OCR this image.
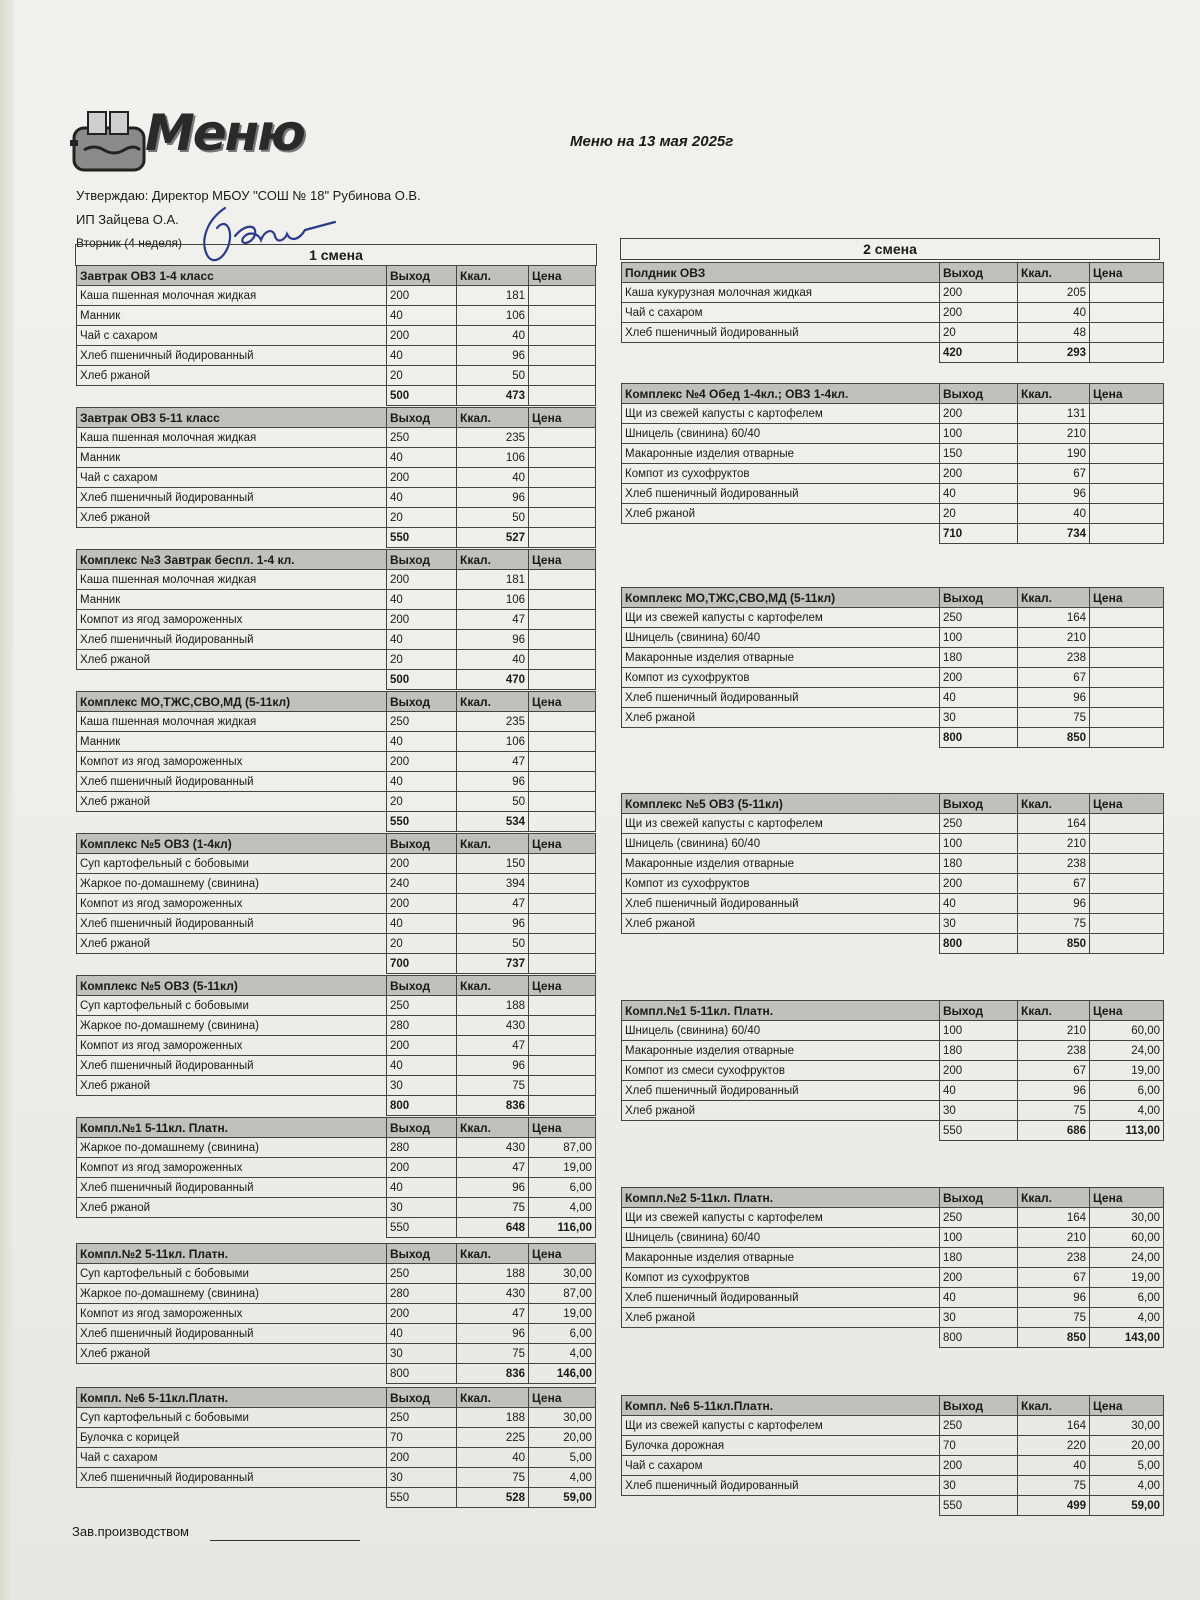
Меню	Меню на 13 мая 2025г
Утверждаю: Директор МБОУ "СОШ № 18" Рубинова О.В.
ИП Зайцева О.А.
Вторник (4 неделя)
1 смена	2 смена
Завтрак ОВЗ 1-4 класс	Выход	Ккал.	Цена
Каша пшенная молочная жидкая	200	181	
Манник	40	106	
Чай с сахаром	200	40	
Хлеб пшеничный йодированный	40	96	
Хлеб ржаной	20	50	
	500	473	
Завтрак ОВЗ 5-11 класс	Выход	Ккал.	Цена
Каша пшенная молочная жидкая	250	235	
Манник	40	106	
Чай с сахаром	200	40	
Хлеб пшеничный йодированный	40	96	
Хлеб ржаной	20	50	
	550	527	
Комплекс №3 Завтрак беспл. 1-4 кл.	Выход	Ккал.	Цена
Каша пшенная молочная жидкая	200	181	
Манник	40	106	
Компот из ягод замороженных	200	47	
Хлеб пшеничный йодированный	40	96	
Хлеб ржаной	20	40	
	500	470	
Комплекс МО,ТЖС,СВО,МД (5-11кл)	Выход	Ккал.	Цена
Каша пшенная молочная жидкая	250	235	
Манник	40	106	
Компот из ягод замороженных	200	47	
Хлеб пшеничный йодированный	40	96	
Хлеб ржаной	20	50	
	550	534	
Комплекс №5 ОВЗ (1-4кл)	Выход	Ккал.	Цена
Суп картофельный с бобовыми	200	150	
Жаркое по-домашнему (свинина)	240	394	
Компот из ягод замороженных	200	47	
Хлеб пшеничный йодированный	40	96	
Хлеб ржаной	20	50	
	700	737	
Комплекс №5 ОВЗ (5-11кл)	Выход	Ккал.	Цена
Суп картофельный с бобовыми	250	188	
Жаркое по-домашнему (свинина)	280	430	
Компот из ягод замороженных	200	47	
Хлеб пшеничный йодированный	40	96	
Хлеб ржаной	30	75	
	800	836	
Компл.№1 5-11кл. Платн.	Выход	Ккал.	Цена
Жаркое по-домашнему (свинина)	280	430	87,00
Компот из ягод замороженных	200	47	19,00
Хлеб пшеничный йодированный	40	96	6,00
Хлеб ржаной	30	75	4,00
	550	648	116,00
Компл.№2 5-11кл. Платн.	Выход	Ккал.	Цена
Суп картофельный с бобовыми	250	188	30,00
Жаркое по-домашнему (свинина)	280	430	87,00
Компот из ягод замороженных	200	47	19,00
Хлеб пшеничный йодированный	40	96	6,00
Хлеб ржаной	30	75	4,00
	800	836	146,00
Компл. №6 5-11кл.Платн.	Выход	Ккал.	Цена
Суп картофельный с бобовыми	250	188	30,00
Булочка с корицей	70	225	20,00
Чай с сахаром	200	40	5,00
Хлеб пшеничный йодированный	30	75	4,00
	550	528	59,00
Полдник ОВЗ	Выход	Ккал.	Цена
Каша кукурузная молочная жидкая	200	205	
Чай с сахаром	200	40	
Хлеб пшеничный йодированный	20	48	
	420	293	
Комплекс №4 Обед 1-4кл.; ОВЗ 1-4кл.	Выход	Ккал.	Цена
Щи из свежей капусты с картофелем	200	131	
Шницель (свинина) 60/40	100	210	
Макаронные изделия отварные	150	190	
Компот из сухофруктов	200	67	
Хлеб пшеничный йодированный	40	96	
Хлеб ржаной	20	40	
	710	734	
Комплекс МО,ТЖС,СВО,МД (5-11кл)	Выход	Ккал.	Цена
Щи из свежей капусты с картофелем	250	164	
Шницель (свинина) 60/40	100	210	
Макаронные изделия отварные	180	238	
Компот из сухофруктов	200	67	
Хлеб пшеничный йодированный	40	96	
Хлеб ржаной	30	75	
	800	850	
Комплекс №5 ОВЗ (5-11кл)	Выход	Ккал.	Цена
Щи из свежей капусты с картофелем	250	164	
Шницель (свинина) 60/40	100	210	
Макаронные изделия отварные	180	238	
Компот из сухофруктов	200	67	
Хлеб пшеничный йодированный	40	96	
Хлеб ржаной	30	75	
	800	850	
Компл.№1 5-11кл. Платн.	Выход	Ккал.	Цена
Шницель (свинина) 60/40	100	210	60,00
Макаронные изделия отварные	180	238	24,00
Компот из смеси сухофруктов	200	67	19,00
Хлеб пшеничный йодированный	40	96	6,00
Хлеб ржаной	30	75	4,00
	550	686	113,00
Компл.№2 5-11кл. Платн.	Выход	Ккал.	Цена
Щи из свежей капусты с картофелем	250	164	30,00
Шницель (свинина) 60/40	100	210	60,00
Макаронные изделия отварные	180	238	24,00
Компот из сухофруктов	200	67	19,00
Хлеб пшеничный йодированный	40	96	6,00
Хлеб ржаной	30	75	4,00
	800	850	143,00
Компл. №6 5-11кл.Платн.	Выход	Ккал.	Цена
Щи из свежей капусты с картофелем	250	164	30,00
Булочка дорожная	70	220	20,00
Чай с сахаром	200	40	5,00
Хлеб пшеничный йодированный	30	75	4,00
	550	499	59,00
Зав.производством
